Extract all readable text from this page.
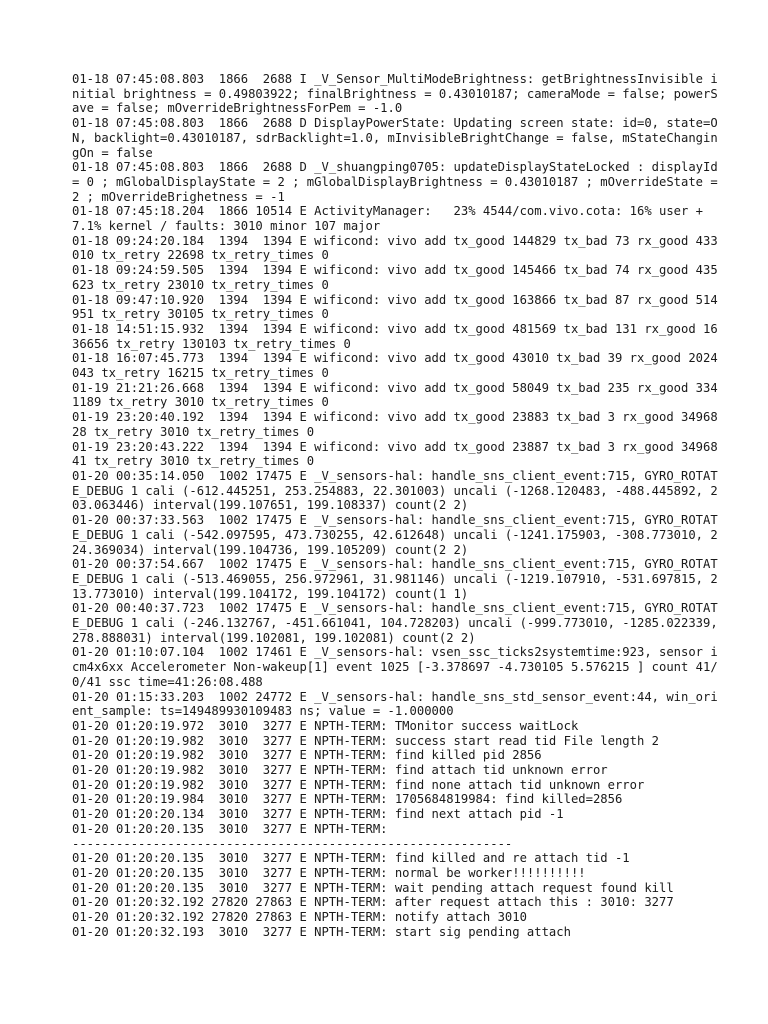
01-18 07:45:08.803  1866  2688 I _V_Sensor_MultiModeBrightness: getBrightnessInvisible initial brightness = 0.49803922; finalBrightness = 0.43010187; cameraMode = false; powerSave = false; mOverrideBrightnessForPem = -1.0
01-18 07:45:08.803  1866  2688 D DisplayPowerState: Updating screen state: id=0, state=ON, backlight=0.43010187, sdrBacklight=1.0, mInvisibleBrightChange = false, mStateChangingOn = false
01-18 07:45:08.803  1866  2688 D _V_shuangping0705: updateDisplayStateLocked : displayId = 0 ; mGlobalDisplayState = 2 ; mGlobalDisplayBrightness = 0.43010187 ; mOverrideState = 2 ; mOverrideBrighetness = -1
01-18 07:45:18.204  1866 10514 E ActivityManager:   23% 4544/com.vivo.cota: 16% user + 7.1% kernel / faults: 3010 minor 107 major
01-18 09:24:20.184  1394  1394 E wificond: vivo add tx_good 144829 tx_bad 73 rx_good 433010 tx_retry 22698 tx_retry_times 0
01-18 09:24:59.505  1394  1394 E wificond: vivo add tx_good 145466 tx_bad 74 rx_good 435623 tx_retry 23010 tx_retry_times 0
01-18 09:47:10.920  1394  1394 E wificond: vivo add tx_good 163866 tx_bad 87 rx_good 514951 tx_retry 30105 tx_retry_times 0
01-18 14:51:15.932  1394  1394 E wificond: vivo add tx_good 481569 tx_bad 131 rx_good 1636656 tx_retry 130103 tx_retry_times 0
01-18 16:07:45.773  1394  1394 E wificond: vivo add tx_good 43010 tx_bad 39 rx_good 2024043 tx_retry 16215 tx_retry_times 0
01-19 21:21:26.668  1394  1394 E wificond: vivo add tx_good 58049 tx_bad 235 rx_good 3341189 tx_retry 3010 tx_retry_times 0
01-19 23:20:40.192  1394  1394 E wificond: vivo add tx_good 23883 tx_bad 3 rx_good 3496828 tx_retry 3010 tx_retry_times 0
01-19 23:20:43.222  1394  1394 E wificond: vivo add tx_good 23887 tx_bad 3 rx_good 3496841 tx_retry 3010 tx_retry_times 0
01-20 00:35:14.050  1002 17475 E _V_sensors-hal: handle_sns_client_event:715, GYRO_ROTATE_DEBUG 1 cali (-612.445251, 253.254883, 22.301003) uncali (-1268.120483, -488.445892, 203.063446) interval(199.107651, 199.108337) count(2 2)
01-20 00:37:33.563  1002 17475 E _V_sensors-hal: handle_sns_client_event:715, GYRO_ROTATE_DEBUG 1 cali (-542.097595, 473.730255, 42.612648) uncali (-1241.175903, -308.773010, 224.369034) interval(199.104736, 199.105209) count(2 2)
01-20 00:37:54.667  1002 17475 E _V_sensors-hal: handle_sns_client_event:715, GYRO_ROTATE_DEBUG 1 cali (-513.469055, 256.972961, 31.981146) uncali (-1219.107910, -531.697815, 213.773010) interval(199.104172, 199.104172) count(1 1)
01-20 00:40:37.723  1002 17475 E _V_sensors-hal: handle_sns_client_event:715, GYRO_ROTATE_DEBUG 1 cali (-246.132767, -451.661041, 104.728203) uncali (-999.773010, -1285.022339, 278.888031) interval(199.102081, 199.102081) count(2 2)
01-20 01:10:07.104  1002 17461 E _V_sensors-hal: vsen_ssc_ticks2systemtime:923, sensor icm4x6xx Accelerometer Non-wakeup[1] event 1025 [-3.378697 -4.730105 5.576215 ] count 41/0/41 ssc time=41:26:08.488
01-20 01:15:33.203  1002 24772 E _V_sensors-hal: handle_sns_std_sensor_event:44, win_orient_sample: ts=149489930109483 ns; value = -1.000000
01-20 01:20:19.972  3010  3277 E NPTH-TERM: TMonitor success waitLock
01-20 01:20:19.982  3010  3277 E NPTH-TERM: success start read tid File length 2
01-20 01:20:19.982  3010  3277 E NPTH-TERM: find killed pid 2856
01-20 01:20:19.982  3010  3277 E NPTH-TERM: find attach tid unknown error
01-20 01:20:19.982  3010  3277 E NPTH-TERM: find none attach tid unknown error
01-20 01:20:19.984  3010  3277 E NPTH-TERM: 1705684819984: find killed=2856
01-20 01:20:20.134  3010  3277 E NPTH-TERM: find next attach pid -1
01-20 01:20:20.135  3010  3277 E NPTH-TERM:
------------------------------------------------------------
01-20 01:20:20.135  3010  3277 E NPTH-TERM: find killed and re attach tid -1
01-20 01:20:20.135  3010  3277 E NPTH-TERM: normal be worker!!!!!!!!!!
01-20 01:20:20.135  3010  3277 E NPTH-TERM: wait pending attach request found kill
01-20 01:20:32.192 27820 27863 E NPTH-TERM: after request attach this : 3010: 3277
01-20 01:20:32.192 27820 27863 E NPTH-TERM: notify attach 3010
01-20 01:20:32.193  3010  3277 E NPTH-TERM: start sig pending attach
